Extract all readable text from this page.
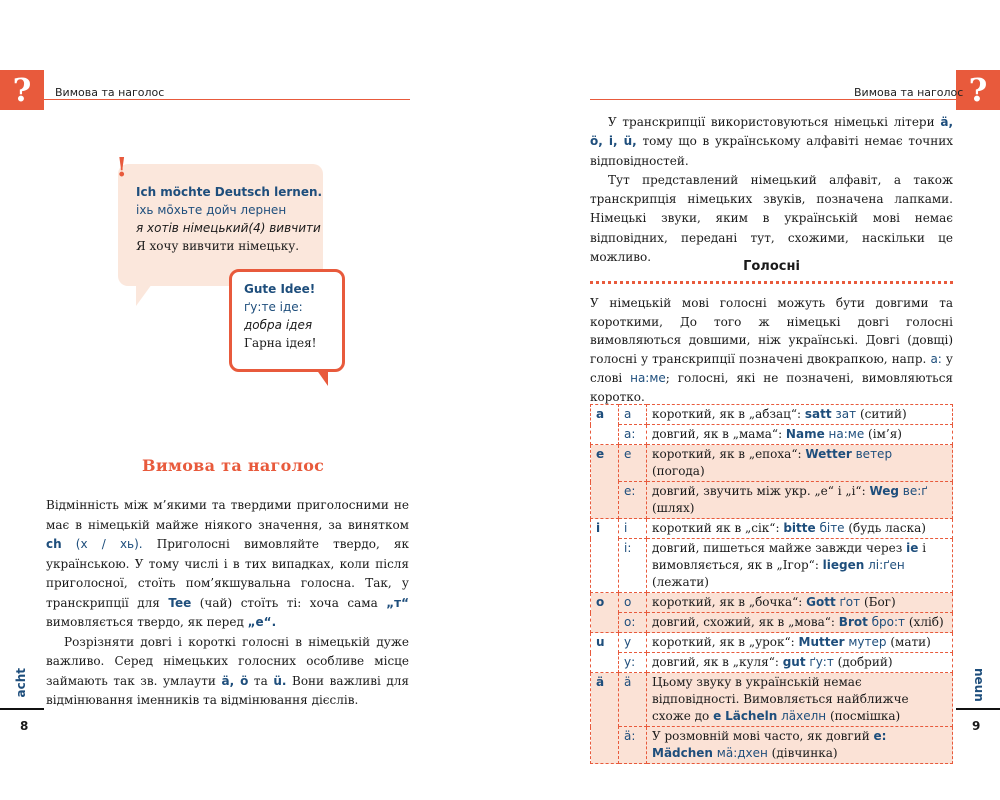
?	Вимова та наголос	?
Вимова та наголос
!
Ich möchte Deutsch lernen.
іхь мо̄хьте дойч лернен
я хотів німецький(4) вивчити
Я хочу вивчити німецьку.
Gute Idee!
ґу:те іде:
добра ідея
Гарна ідея!
Вимова та наголос

Відмінність між м’якими та твердими приголосними не має в німецькій майже ніякого значення, за винятком ch (х / хь). Приголосні вимовляйте твердо, як українською. У тому числі і в тих випадках, коли після приголосної, стоїть пом’якшувальна голосна. Так, у транскрипції для Tee (чай) стоїть ті: хоча сама „т“ вимовляється твердо, як перед „е“.

Розрізняти довгі і короткі голосні в німецькій дуже важливо. Серед німецьких голосних особливе місце займають так зв. умлаути ä, ö та ü. Вони важливі для відмінювання іменників та відмінювання дієслів.

У транскрипції використовуються німецькі літери ä, ö, i, ü, тому що в українському алфавіті немає точних відповідностей.

Тут представлений німецький алфавіт, а також транскрипція німецьких звуків, позначена лапками. Німецькі звуки, яким в українській мові немає відповідних, передані тут, схожими, наскільки це можливо.

Голосні

У німецькій мові голосні можуть бути довгими та короткими, До того ж німецькі довгі голосні вимовляються довшими, ніж українські. Довгі (довщі) голосні у транскрипції позначені двокрапкою, напр. а: у слові на:ме; голосні, які не позначені, вимовляються коротко.

a	a	короткий, як в „абзац“: satt зат (ситий)
	a:	довгий, як в „мама“: Name на:ме (ім’я)
e	e	короткий, як в „епоха“: Wetter ветер (погода)
	e:	довгий, звучить між укр. „е“ і „і“: Weg ве:ґ (шлях)
i	i	короткий як в „сік“: bitte біте (будь ласка)
	i:	довгий, пишеться майже завжди через ie і вимовляється, як в „Ігор“: liegen лі:ґен (лежати)
o	o	короткий, як в „бочка“: Gott ґот (Бог)
	o:	довгий, схожий, як в „мова“: Brot бро:т (хліб)
u	у	короткий, як в „урок“: Mutter мутер (мати)
	у:	довгий, як в „куля“: gut ґу:т (добрий)
ä	ä	Цьому звуку в українській немає відповідності. Вимовляється найближче схоже до е Lächeln лӓхелн (посмішка)
	ä:	У розмовній мові часто, як довгий е: Mädchen мӓ:дхен (дівчинка)
acht
8
neun
9
